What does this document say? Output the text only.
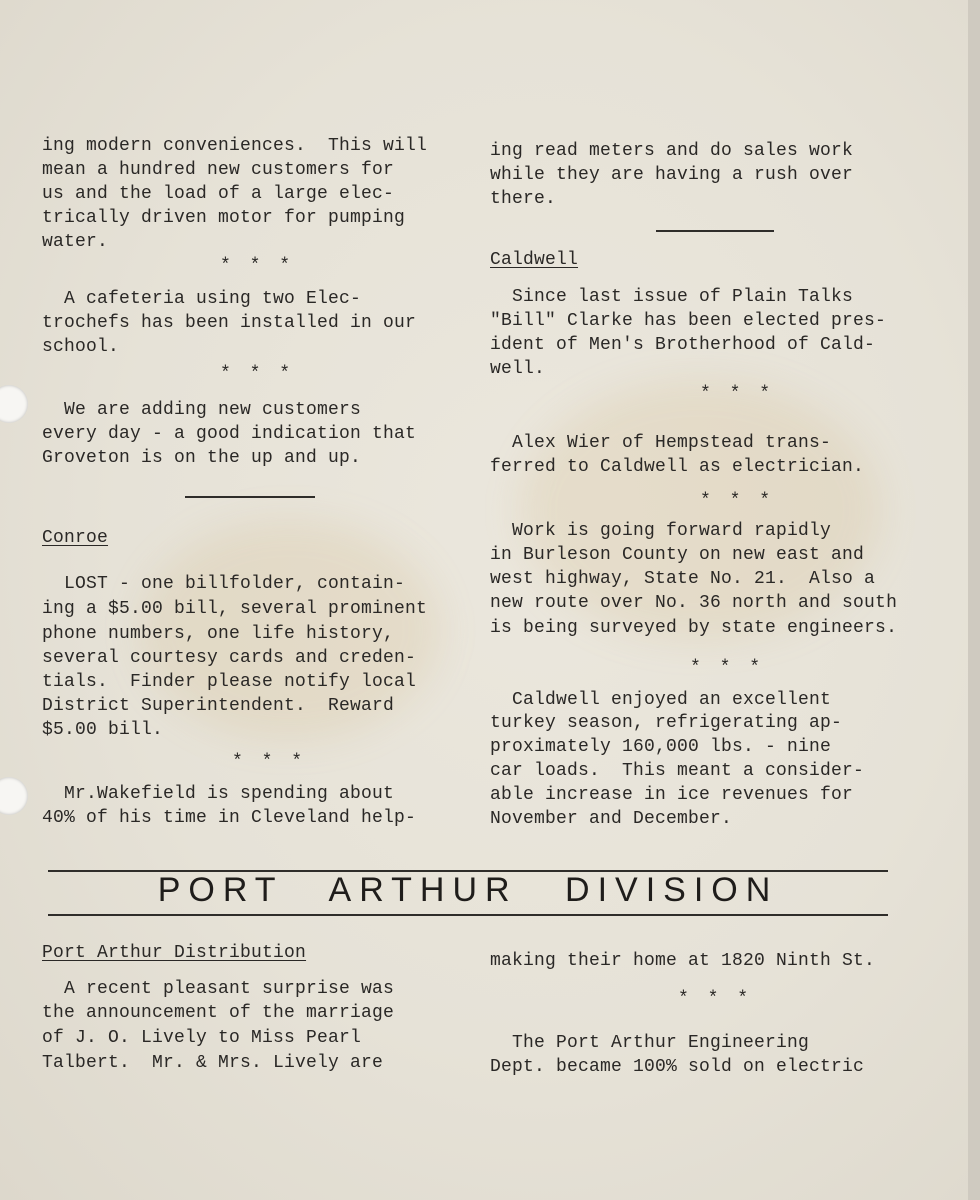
ing modern conveniences.  This will
mean a hundred new customers for
us and the load of a large elec-
trically driven motor for pumping
water.
* * *
A cafeteria using two Elec-
trochefs has been installed in our
school.
* * *
We are adding new customers
every day - a good indication that
Groveton is on the up and up.
Conroe
LOST - one billfolder, contain-
ing a $5.00 bill, several prominent
phone numbers, one life history,
several courtesy cards and creden-
tials.  Finder please notify local
District Superintendent.  Reward
$5.00 bill.
* * *
Mr.Wakefield is spending about
40% of his time in Cleveland help-
ing read meters and do sales work
while they are having a rush over
there.
Caldwell
Since last issue of Plain Talks
"Bill" Clarke has been elected pres-
ident of Men's Brotherhood of Cald-
well.
* * *
Alex Wier of Hempstead trans-
ferred to Caldwell as electrician.
* * *
Work is going forward rapidly
in Burleson County on new east and
west highway, State No. 21.  Also a
new route over No. 36 north and south
is being surveyed by state engineers.
* * *
Caldwell enjoyed an excellent
turkey season, refrigerating ap-
proximately 160,000 lbs. - nine
car loads.  This meant a consider-
able increase in ice revenues for
November and December.
PORT ARTHUR DIVISION
Port Arthur Distribution
A recent pleasant surprise was
the announcement of the marriage
of J. O. Lively to Miss Pearl
Talbert.  Mr. & Mrs. Lively are
making their home at 1820 Ninth St.
* * *
The Port Arthur Engineering
Dept. became 100% sold on electric
